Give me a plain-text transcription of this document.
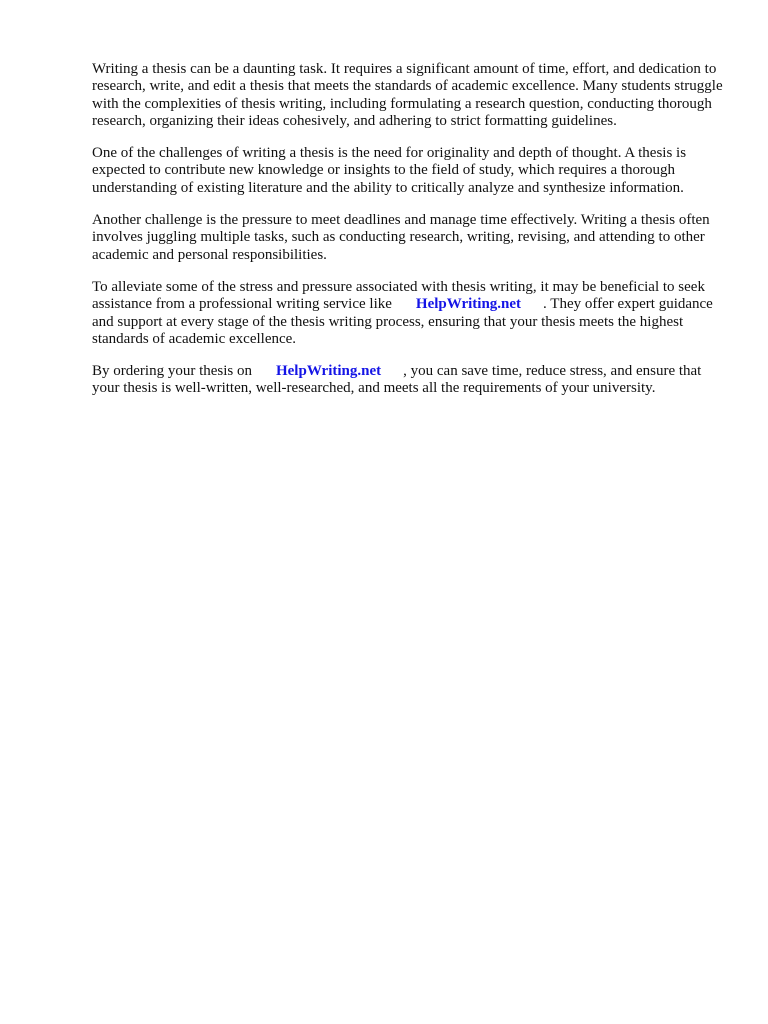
Writing a thesis can be a daunting task. It requires a significant amount of time, effort, and dedication to research, write, and edit a thesis that meets the standards of academic excellence. Many students struggle with the complexities of thesis writing, including formulating a research question, conducting thorough research, organizing their ideas cohesively, and adhering to strict formatting guidelines.

One of the challenges of writing a thesis is the need for originality and depth of thought. A thesis is expected to contribute new knowledge or insights to the field of study, which requires a thorough understanding of existing literature and the ability to critically analyze and synthesize information.

Another challenge is the pressure to meet deadlines and manage time effectively. Writing a thesis often involves juggling multiple tasks, such as conducting research, writing, revising, and attending to other academic and personal responsibilities.

To alleviate some of the stress and pressure associated with thesis writing, it may be beneficial to seek assistance from a professional writing service like HelpWriting.net . They offer expert guidance and support at every stage of the thesis writing process, ensuring that your thesis meets the highest standards of academic excellence.

By ordering your thesis on HelpWriting.net , you can save time, reduce stress, and ensure that your thesis is well-written, well-researched, and meets all the requirements of your university.
